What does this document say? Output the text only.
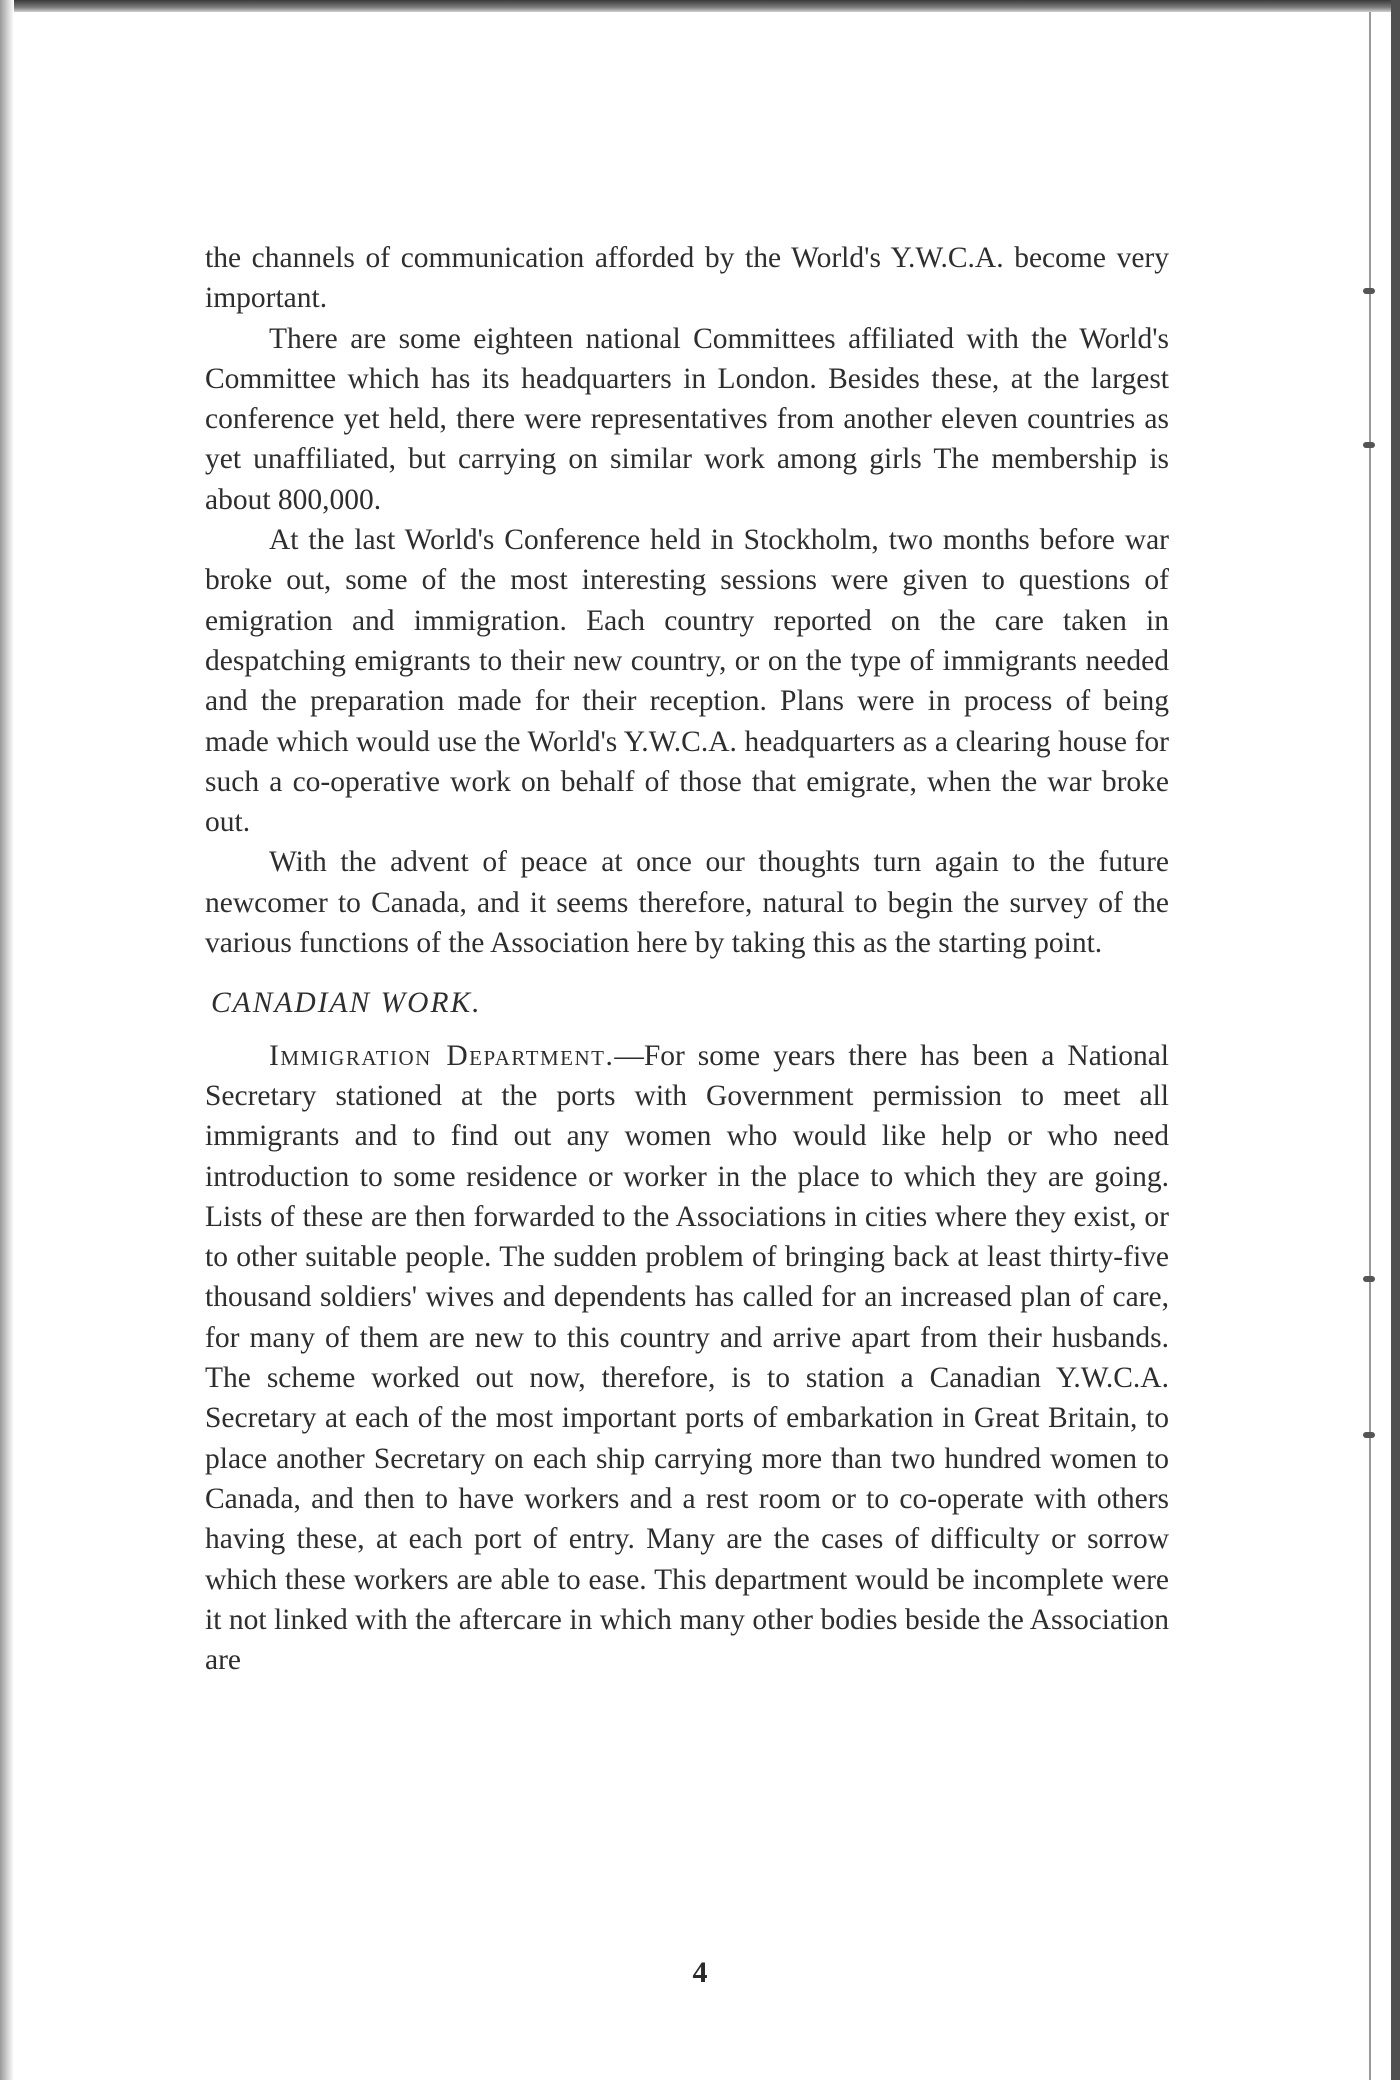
the channels of communication afforded by the World's Y.W.C.A. become very important.

There are some eighteen national Committees affiliated with the World's Committee which has its headquarters in London. Besides these, at the largest conference yet held, there were representatives from another eleven countries as yet unaffiliated, but carrying on similar work among girls The membership is about 800,000.

At the last World's Conference held in Stockholm, two months before war broke out, some of the most interesting sessions were given to questions of emigration and immigration. Each country reported on the care taken in despatching emigrants to their new country, or on the type of immigrants needed and the preparation made for their reception. Plans were in process of being made which would use the World's Y.W.C.A. headquarters as a clearing house for such a co-operative work on behalf of those that emigrate, when the war broke out.

With the advent of peace at once our thoughts turn again to the future newcomer to Canada, and it seems therefore, natural to begin the survey of the various functions of the Association here by taking this as the starting point.

CANADIAN WORK.

Immigration Department.—For some years there has been a National Secretary stationed at the ports with Government permission to meet all immigrants and to find out any women who would like help or who need introduction to some residence or worker in the place to which they are going. Lists of these are then forwarded to the Associations in cities where they exist, or to other suitable people. The sudden problem of bringing back at least thirty-five thousand soldiers' wives and dependents has called for an increased plan of care, for many of them are new to this country and arrive apart from their husbands. The scheme worked out now, therefore, is to station a Canadian Y.W.C.A. Secretary at each of the most important ports of embarkation in Great Britain, to place another Secretary on each ship carrying more than two hundred women to Canada, and then to have workers and a rest room or to co-operate with others having these, at each port of entry. Many are the cases of difficulty or sorrow which these workers are able to ease. This department would be incomplete were it not linked with the aftercare in which many other bodies beside the Association are

4
